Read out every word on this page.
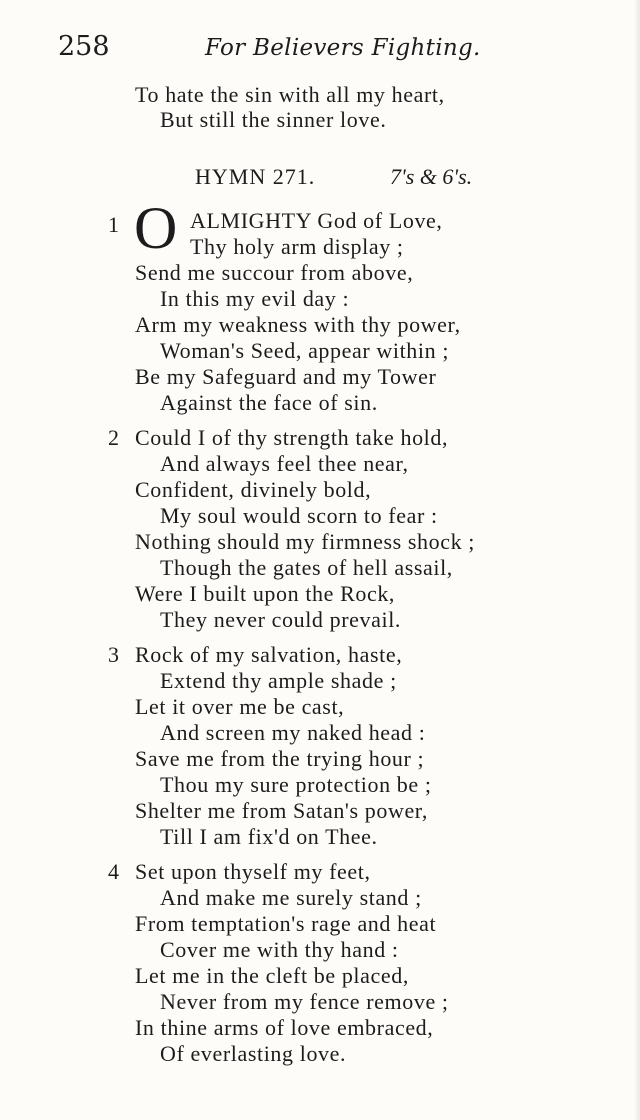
258	For Believers Fighting.
To hate the sin with all my heart,
But still the sinner love.
HYMN 271.	7's & 6's.
1 O ALMIGHTY God of Love,
Thy holy arm display ;
Send me succour from above,
In this my evil day :
Arm my weakness with thy power,
Woman's Seed, appear within ;
Be my Safeguard and my Tower
Against the face of sin.
2 Could I of thy strength take hold,
And always feel thee near,
Confident, divinely bold,
My soul would scorn to fear :
Nothing should my firmness shock ;
Though the gates of hell assail,
Were I built upon the Rock,
They never could prevail.
3 Rock of my salvation, haste,
Extend thy ample shade ;
Let it over me be cast,
And screen my naked head :
Save me from the trying hour ;
Thou my sure protection be ;
Shelter me from Satan's power,
Till I am fix'd on Thee.
4 Set upon thyself my feet,
And make me surely stand ;
From temptation's rage and heat
Cover me with thy hand :
Let me in the cleft be placed,
Never from my fence remove ;
In thine arms of love embraced,
Of everlasting love.
